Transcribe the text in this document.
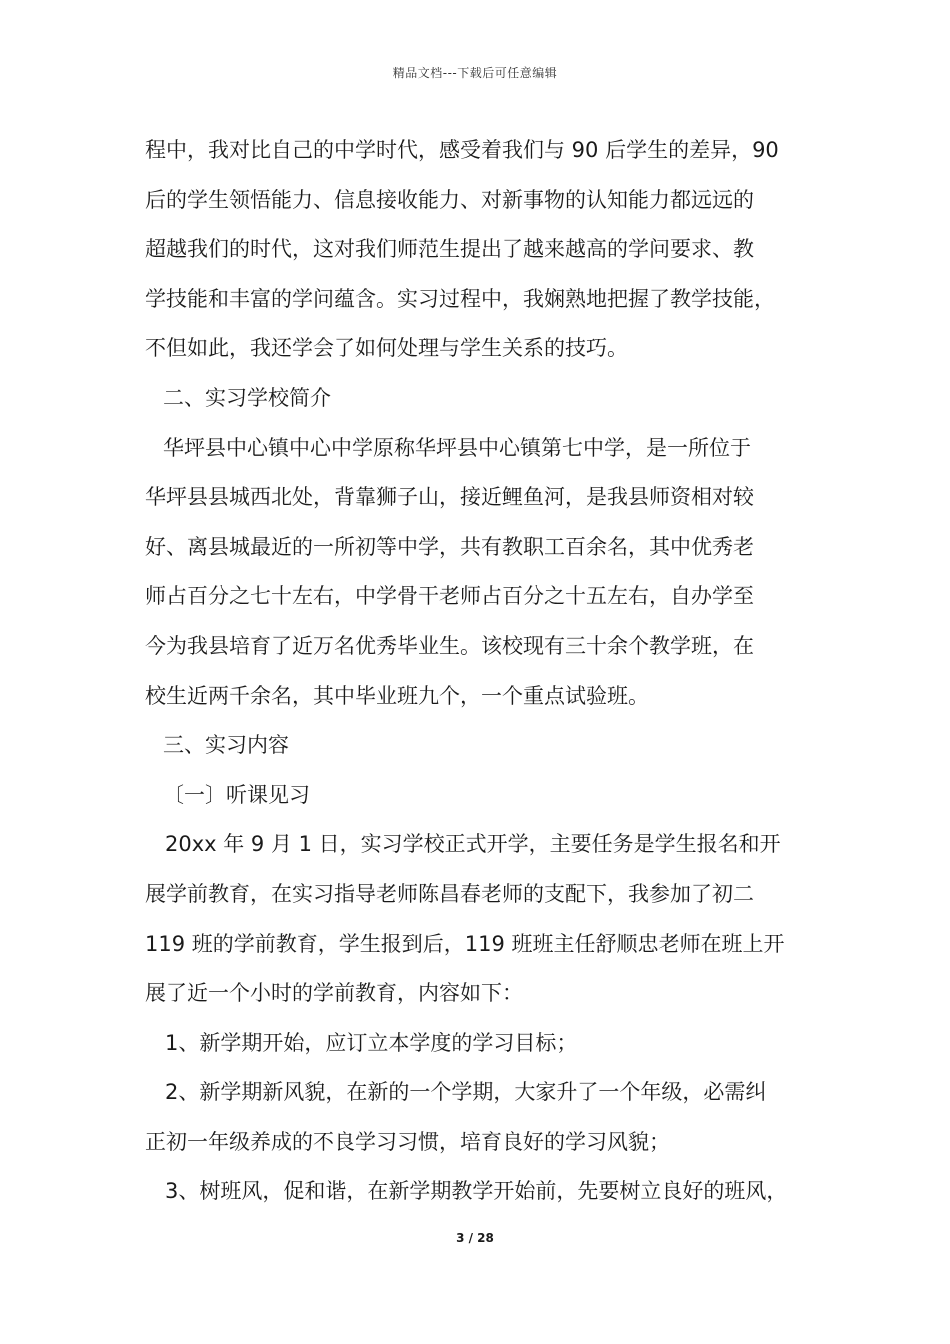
精品文档---下载后可任意编辑
程中，我对比自己的中学时代，感受着我们与 90 后学生的差异，90
后的学生领悟能力、信息接收能力、对新事物的认知能力都远远的
超越我们的时代，这对我们师范生提出了越来越高的学问要求、教
学技能和丰富的学问蕴含。实习过程中，我娴熟地把握了教学技能，
不但如此，我还学会了如何处理与学生关系的技巧。
二、实习学校简介
华坪县中心镇中心中学原称华坪县中心镇第七中学，是一所位于
华坪县县城西北处，背靠狮子山，接近鲤鱼河，是我县师资相对较
好、离县城最近的一所初等中学，共有教职工百余名，其中优秀老
师占百分之七十左右，中学骨干老师占百分之十五左右，自办学至
今为我县培育了近万名优秀毕业生。该校现有三十余个教学班，在
校生近两千余名，其中毕业班九个，一个重点试验班。
三、实习内容
〔一〕听课见习
20xx 年 9 月 1 日，实习学校正式开学，主要任务是学生报名和开
展学前教育，在实习指导老师陈昌春老师的支配下，我参加了初二
119 班的学前教育，学生报到后，119 班班主任舒顺忠老师在班上开
展了近一个小时的学前教育，内容如下：
1、新学期开始，应订立本学度的学习目标；
2、新学期新风貌，在新的一个学期，大家升了一个年级，必需纠
正初一年级养成的不良学习习惯，培育良好的学习风貌；
3、树班风，促和谐，在新学期教学开始前，先要树立良好的班风，
3 / 28
